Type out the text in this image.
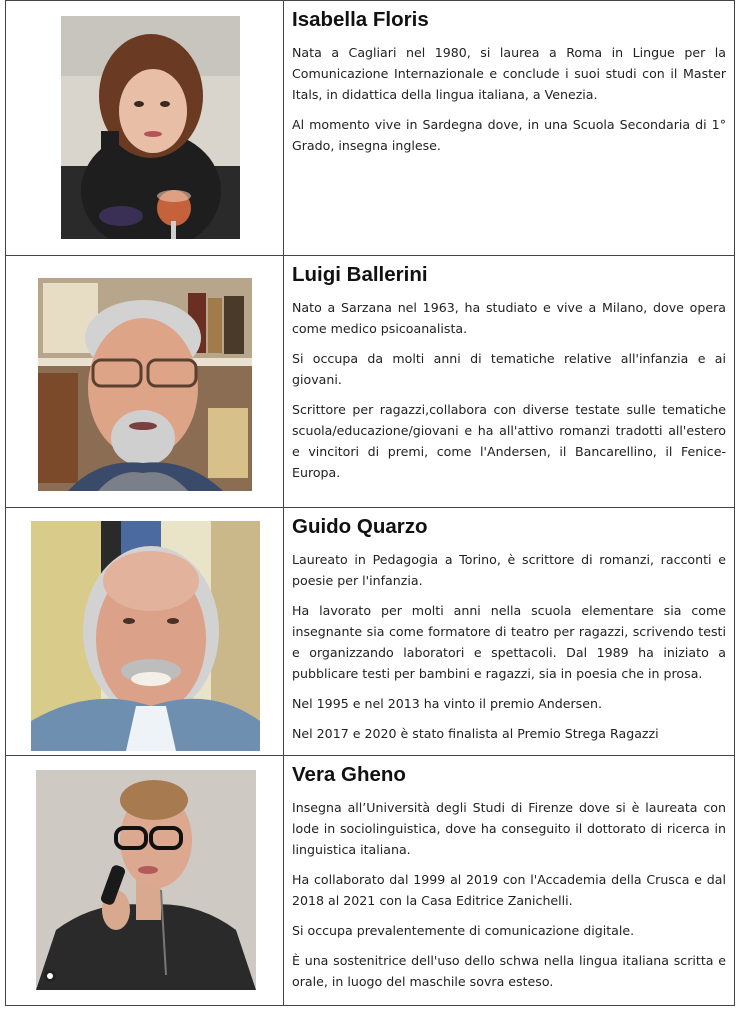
Isabella Floris

Nata a Cagliari nel 1980, si laurea a Roma in Lingue per la Comunicazione Internazionale e conclude i suoi studi con il Master Itals, in didattica della lingua italiana, a Venezia.

Al momento vive in Sardegna dove, in una Scuola Secondaria di 1° Grado, insegna inglese.

Luigi Ballerini

Nato a Sarzana nel 1963, ha studiato e vive a Milano, dove opera come medico psicoanalista.

Si occupa da molti anni di tematiche relative all'infanzia e ai giovani.

Scrittore per ragazzi,collabora con diverse testate sulle tematiche scuola/educazione/giovani e ha all'attivo romanzi tradotti all'estero e vincitori di premi, come l'Andersen, il Bancarellino, il Fenice-Europa.

Guido Quarzo

Laureato in Pedagogia a Torino, è scrittore di romanzi, racconti e poesie per l'infanzia.

Ha lavorato per molti anni nella scuola elementare sia come insegnante sia come formatore di teatro per ragazzi, scrivendo testi e organizzando laboratori e spettacoli. Dal 1989 ha iniziato a pubblicare testi per bambini e ragazzi, sia in poesia che in prosa.

Nel 1995 e nel 2013 ha vinto il premio Andersen.

Nel 2017 e 2020 è stato finalista al Premio Strega Ragazzi

Vera Gheno

Insegna all’Università degli Studi di Firenze dove si è laureata con lode in sociolinguistica, dove ha conseguito il dottorato di ricerca in linguistica italiana.

Ha collaborato dal 1999 al 2019 con l'Accademia della Crusca e dal 2018 al 2021 con la Casa Editrice Zanichelli.

Si occupa prevalentemente di comunicazione digitale.

È una sostenitrice dell'uso dello schwa nella lingua italiana scritta e orale, in luogo del maschile sovra esteso.
